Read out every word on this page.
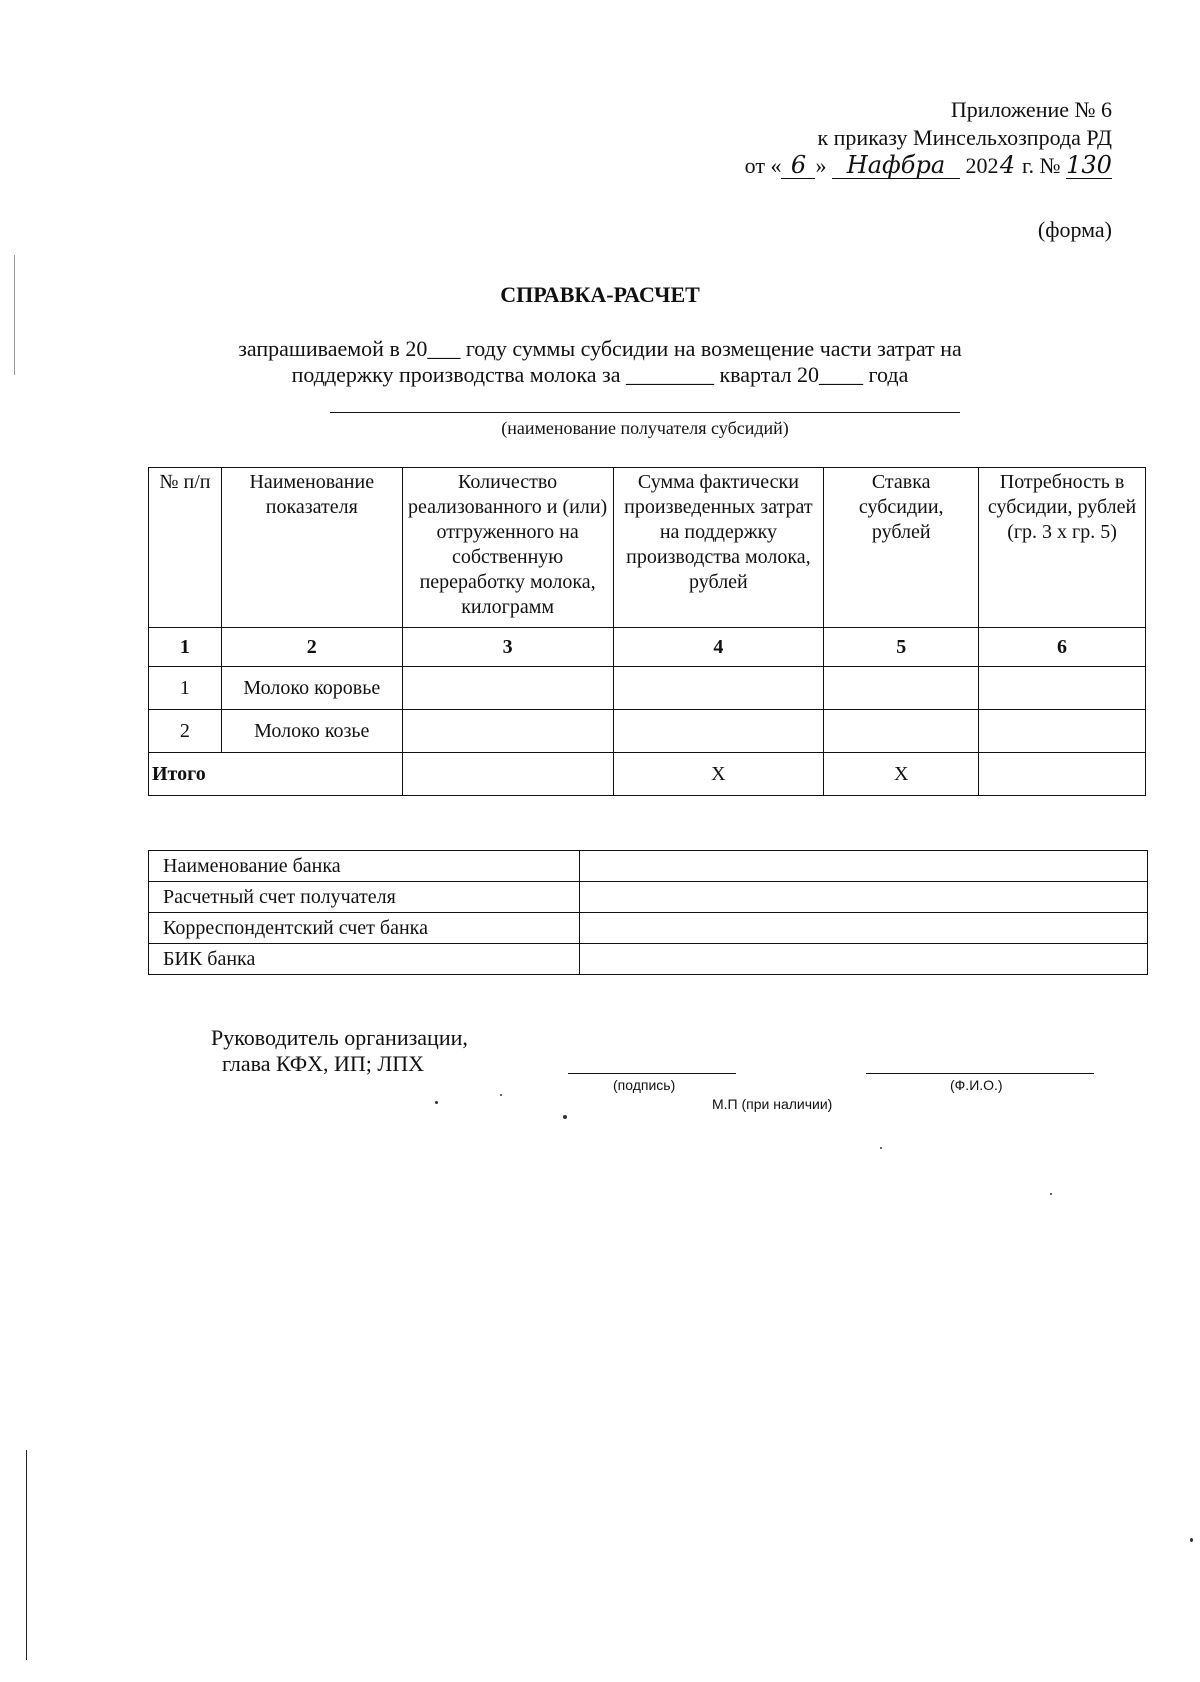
Приложение № 6
к приказу Минсельхозпрода РД
от « 6 » Нафбра 2024 г. № 130
(форма)
СПРАВКА-РАСЧЕТ
запрашиваемой в 20___ году суммы субсидии на возмещение части затрат на
поддержку производства молока за ________ квартал 20____ года
(наименование получателя субсидий)
№ п/п	Наименование показателя	Количество реализованного и (или) отгруженного на собственную переработку молока, килограмм	Сумма фактически произведенных затрат на поддержку производства молока, рублей	Ставка субсидии, рублей	Потребность в субсидии, рублей (гр. 3 х гр. 5)
1	2	3	4	5	6
1	Молоко коровье				
2	Молоко козье				
Итого			Х	Х	
Наименование банка	
Расчетный счет получателя	
Корреспондентский счет банка	
БИК банка	
Руководитель организации,
глава КФХ, ИП; ЛПХ
(подпись)	(Ф.И.О.)
М.П (при наличии)
